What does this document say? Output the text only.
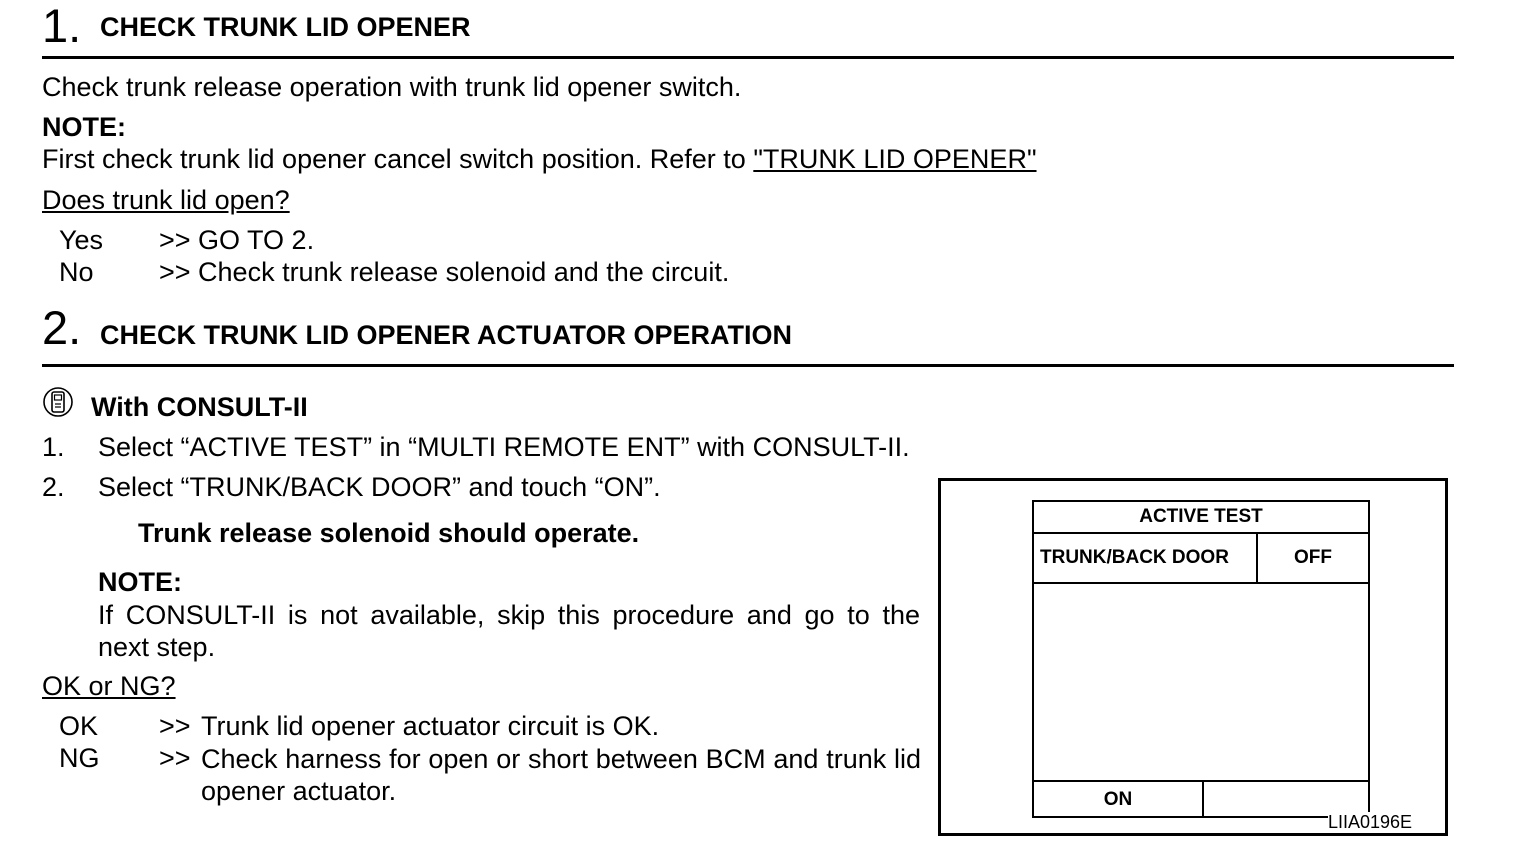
1. CHECK TRUNK LID OPENER
Check trunk release operation with trunk lid opener switch.
NOTE:
First check trunk lid opener cancel switch position. Refer to "TRUNK LID OPENER"
Does trunk lid open?
Yes >> GO TO 2.
No >> Check trunk release solenoid and the circuit.
2. CHECK TRUNK LID OPENER ACTUATOR OPERATION
With CONSULT-II
1. Select “ACTIVE TEST” in “MULTI REMOTE ENT” with CONSULT-II.
2. Select “TRUNK/BACK DOOR” and touch “ON”.
Trunk release solenoid should operate.
NOTE:
If CONSULT-II is not available, skip this procedure and go to the next step.
OK or NG?
OK >> Trunk lid opener actuator circuit is OK.
NG >> Check harness for open or short between BCM and trunk lid opener actuator.
ACTIVE TEST
TRUNK/BACK DOOR	OFF
ON
LIIA0196E
